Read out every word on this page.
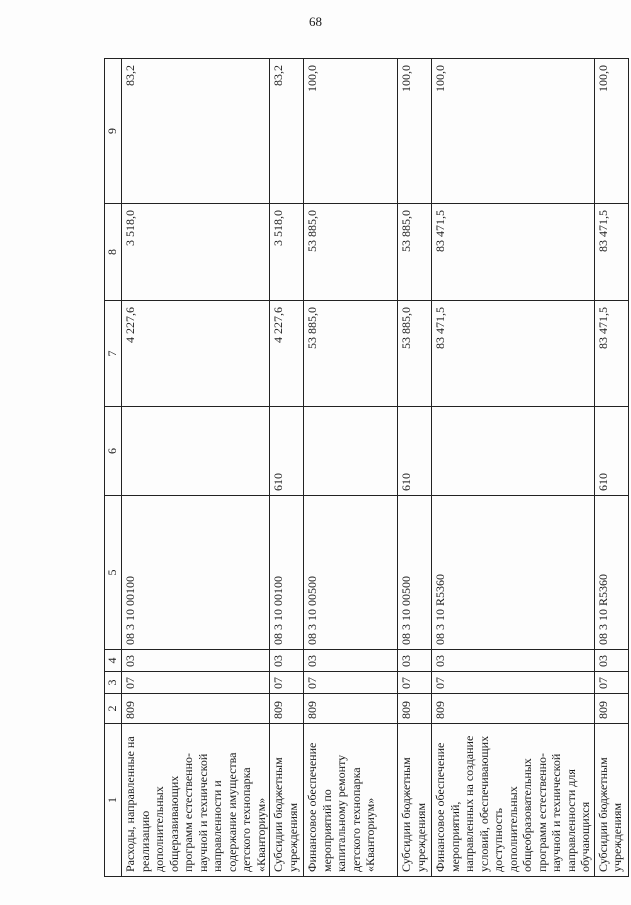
68
1	2	3	4	5	6	7	8	9
Расходы, направленные на реализацию дополнительных общеразвивающих программ естественно-научной и технической направленности и содержание имущества детского технопарка «Кванториум»	809	07	03	08 3 10 00100		4 227,6	3 518,0	83,2
Субсидии бюджетным учреждениям	809	07	03	08 3 10 00100	610	4 227,6	3 518,0	83,2
Финансовое обеспечение мероприятий по капитальному ремонту детского технопарка «Кванториум»	809	07	03	08 3 10 00500		53 885,0	53 885,0	100,0
Субсидии бюджетным учреждениям	809	07	03	08 3 10 00500	610	53 885,0	53 885,0	100,0
Финансовое обеспечение мероприятий, направленных на создание условий, обеспечивающих доступность дополнительных общеобразовательных программ естественно-научной и технической направленности для обучающихся	809	07	03	08 3 10 R5360		83 471,5	83 471,5	100,0
Субсидии бюджетным учреждениям	809	07	03	08 3 10 R5360	610	83 471,5	83 471,5	100,0
